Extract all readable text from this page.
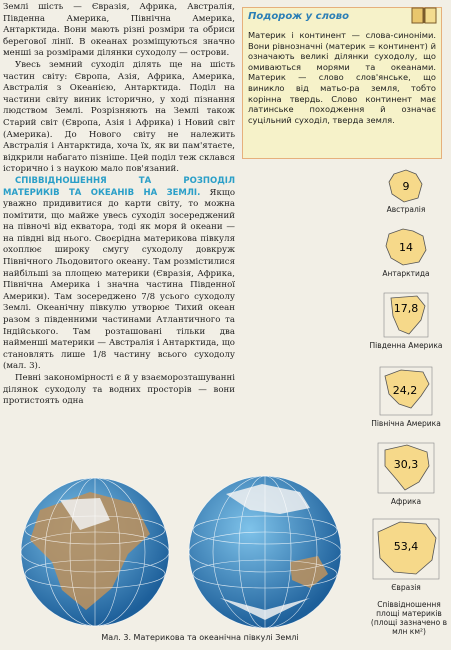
Землі шість — Євразія, Африка, Австралія, Південна Америка, Північна Америка, Антарктида. Вони мають різні розміри та обриси берегової лінії. В океанах розміщуються значно менші за розмірами ділянки суходолу — острови.

Увесь земний суходіл ділять ще на шість частин світу: Європа, Азія, Африка, Америка, Австралія з Океанією, Антарктида. Поділ на частини світу виник історично, у ході пізнання людством Землі. Розрізняють на Землі також Старий світ (Європа, Азія і Африка) і Новий світ (Америка). До Нового світу не належить Австралія і Антарктида, хоча їх, як ви пам'ятаєте, відкрили набагато пізніше. Цей поділ теж склався історично і з наукою мало пов'язаний.

СПІВВІДНОШЕННЯ ТА РОЗПОДІЛ МАТЕРИКІВ ТА ОКЕАНІВ НА ЗЕМЛІ. Якщо уважно придивитися до карти світу, то можна помітити, що майже увесь суходіл зосереджений на півночі від екватора, тоді як моря й океани — на півдні від нього. Своєрідна материкова півкуля охоплює широку смугу суходолу довкруж Північного Льодовитого океану. Там розмістилися найбільші за площею материки (Євразія, Африка, Північна Америка і значна частина Південної Америки). Там зосереджено 7/8 усього суходолу Землі. Океанічну півкулю утворює Тихий океан разом з південними частинами Атлантичного та Індійського. Там розташовані тільки два найменші материки — Австралія і Антарктида, що становлять лише 1/8 частину всього суходолу (мал. 3).

Певні закономірності є й у взаєморозташуванні ділянок суходолу та водних просторів — вони протистоять одна

Подорож у слово

Материк і континент — слова-синоніми. Вони рівнозначні (материк = континент) й означають великі ділянки суходолу, що омиваються морями та океанами. Материк — слово слов'янське, що виникло від матьо-ра земля, тобто корінна твердь. Слово континент має латинське походження й означає суцільний суходіл, тверда земля.

9
Австралія
14
Антарктида
17,8
Південна Америка
24,2
Північна Америка
30,3
Африка
53,4
Євразія
Співвідношення площі материків (площі зазначено в млн км²)
Мал. 3. Материкова та океанічна півкулі Землі
